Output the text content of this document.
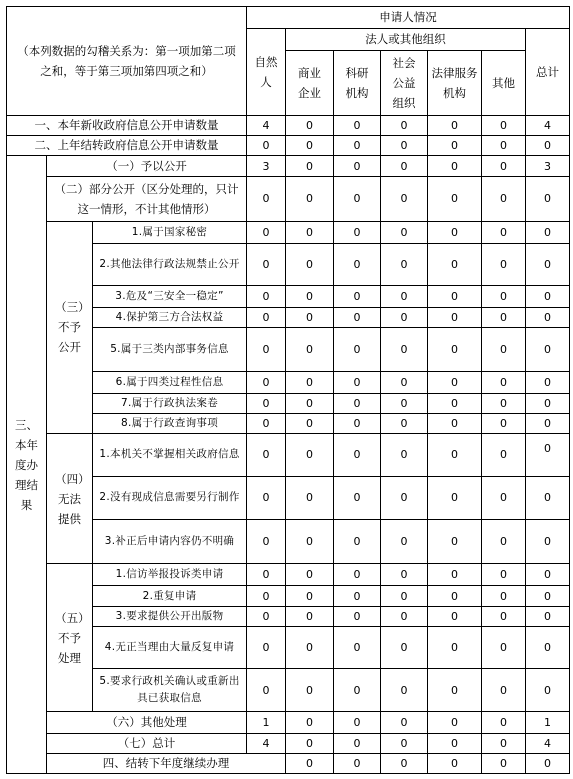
（本列数据的勾稽关系为：第一项加第二项之和，等于第三项加第四项之和）			申请人情况							
			自然人	法人或其他组织					总计	
				商业企业	科研机构	社会公益组织	法律服务机构	其他		
一、本年新收政府信息公开申请数量			4	0	0	0	0	0	4	
二、上年结转政府信息公开申请数量			0	0	0	0	0	0	0	
三、本年度办理结果	（一）予以公开		3	0	0	0	0	0	3	
	（二）部分公开（区分处理的，只计这一情形，不计其他情形）		0	0	0	0	0	0	0	
	（三）不予公开	1.属于国家秘密	0	0	0	0	0	0	0	
		2.其他法律行政法规禁止公开	0	0	0	0	0	0	0	
		3.危及“三安全一稳定”	0	0	0	0	0	0	0	
		4.保护第三方合法权益	0	0	0	0	0	0	0	
		5.属于三类内部事务信息	0	0	0	0	0	0	0	
		6.属于四类过程性信息	0	0	0	0	0	0	0	
		7.属于行政执法案卷	0	0	0	0	0	0	0	
		8.属于行政查询事项	0	0	0	0	0	0	0	
	（四）无法提供	1.本机关不掌握相关政府信息	0	0	0	0	0	0	0	
		2.没有现成信息需要另行制作	0	0	0	0	0	0	0	
		3.补正后申请内容仍不明确	0	0	0	0	0	0	0	
	（五）不予处理	1.信访举报投诉类申请	0	0	0	0	0	0	0	
		2.重复申请	0	0	0	0	0	0	0	
		3.要求提供公开出版物	0	0	0	0	0	0	0	
		4.无正当理由大量反复申请	0	0	0	0	0	0	0	
		5.要求行政机关确认或重新出具已获取信息	0	0	0	0	0	0	0	
	（六）其他处理		1	0	0	0	0	0	1	
	（七）总计		4	0	0	0	0	0	4	
	四、结转下年度继续办理			0	0	0	0	0	0	
